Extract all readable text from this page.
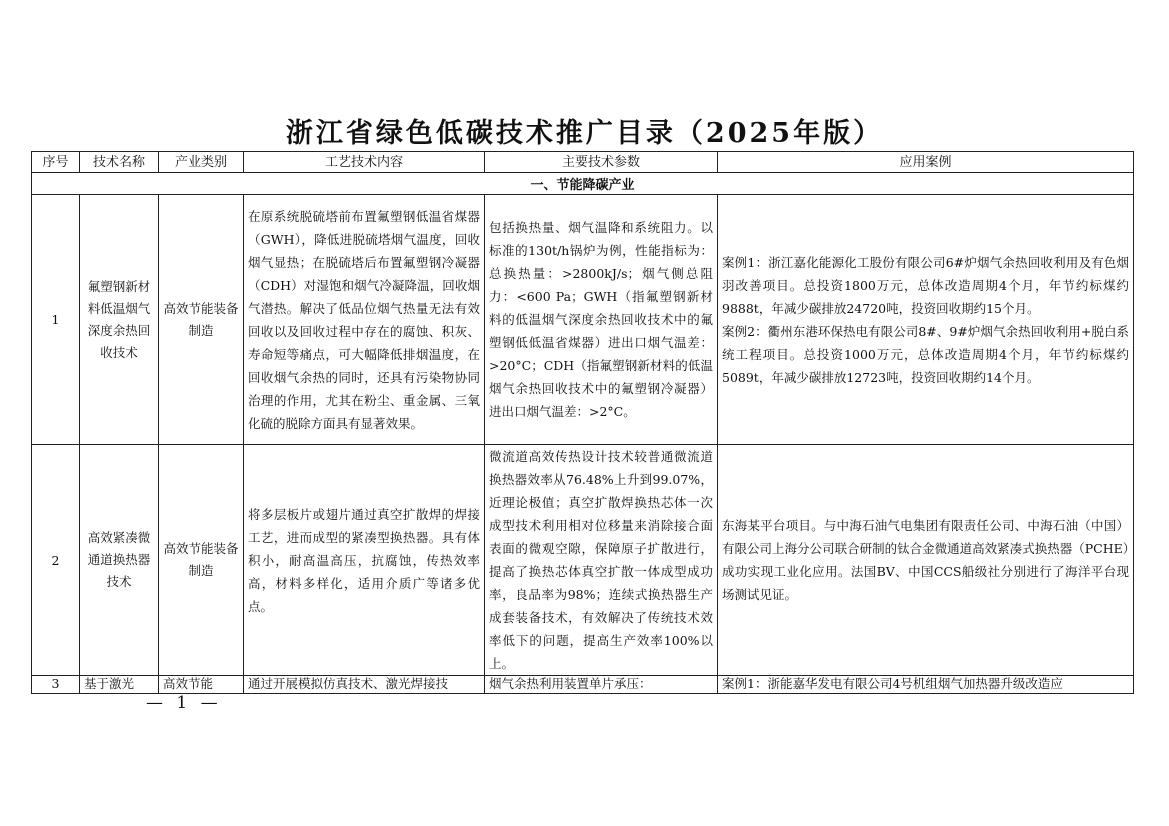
浙江省绿色低碳技术推广目录（2025年版）
序号	技术名称	产业类别	工艺技术内容	主要技术参数	应用案例
一、节能降碳产业					
1	氟塑钢新材料低温烟气深度余热回收技术	高效节能装备制造	在原系统脱硫塔前布置氟塑钢低温省煤器（GWH），降低进脱硫塔烟气温度，回收烟气显热；在脱硫塔后布置氟塑钢冷凝器（CDH）对湿饱和烟气冷凝降温，回收烟气潜热。解决了低品位烟气热量无法有效回收以及回收过程中存在的腐蚀、积灰、寿命短等痛点，可大幅降低排烟温度，在回收烟气余热的同时，还具有污染物协同治理的作用，尤其在粉尘、重金属、三氧化硫的脱除方面具有显著效果。	包括换热量、烟气温降和系统阻力。以标准的130t/h锅炉为例，性能指标为：总换热量：>2800kJ/s；烟气侧总阻力：<600 Pa；GWH（指氟塑钢新材料的低温烟气深度余热回收技术中的氟塑钢低低温省煤器）进出口烟气温差：>20°C；CDH（指氟塑钢新材料的低温烟气余热回收技术中的氟塑钢冷凝器）进出口烟气温差：>2°C。	案例1：浙江嘉化能源化工股份有限公司6#炉烟气余热回收利用及有色烟羽改善项目。总投资1800万元，总体改造周期4个月，年节约标煤约9888t，年减少碳排放24720吨，投资回收期约15个月。
案例2：衢州东港环保热电有限公司8#、9#炉烟气余热回收利用+脱白系统工程项目。总投资1000万元，总体改造周期4个月，年节约标煤约5089t，年减少碳排放12723吨，投资回收期约14个月。

2	高效紧凑微通道换热器技术	高效节能装备制造	将多层板片或翅片通过真空扩散焊的焊接工艺，进而成型的紧凑型换热器。具有体积小，耐高温高压，抗腐蚀，传热效率高，材料多样化，适用介质广等诸多优点。	微流道高效传热设计技术较普通微流道换热器效率从76.48%上升到99.07%，近理论极值；真空扩散焊换热芯体一次成型技术利用相对位移量来消除接合面表面的微观空隙，保障原子扩散进行，提高了换热芯体真空扩散一体成型成功率，良品率为98%；连续式换热器生产成套装备技术，有效解决了传统技术效率低下的问题，提高生产效率100%以上。	东海某平台项目。与中海石油气电集团有限责任公司、中海石油（中国）有限公司上海分公司联合研制的钛合金微通道高效紧凑式换热器（PCHE）成功实现工业化应用。法国BV、中国CCS船级社分别进行了海洋平台现场测试见证。

3	基于激光	高效节能	通过开展模拟仿真技术、激光焊接技	烟气余热利用装置单片承压：	案例1：浙能嘉华发电有限公司4号机组烟气加热器升级改造应
— 1 —
